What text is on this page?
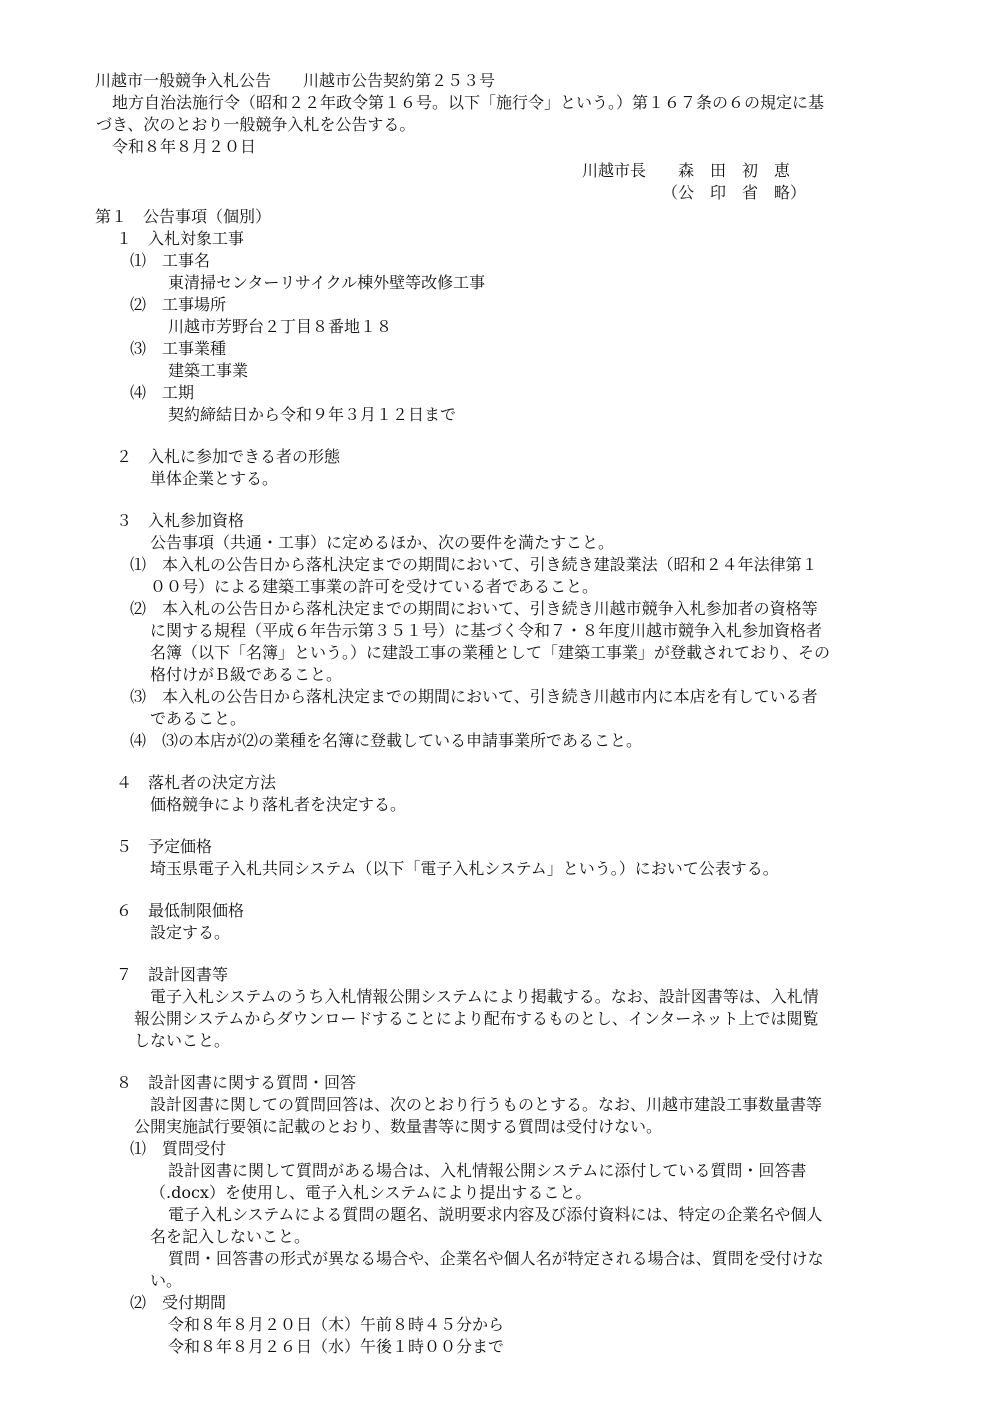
川越市一般競争入札公告　　川越市公告契約第２５３号
地方自治法施行令（昭和２２年政令第１６号。以下「施行令」という。）第１６７条の６の規定に基
づき、次のとおり一般競争入札を公告する。
令和８年８月２０日
川越市長　　森　田　初　恵
（公　印　省　略）
第１　公告事項（個別）
１　入札対象工事
⑴　工事名
東清掃センターリサイクル棟外壁等改修工事
⑵　工事場所
川越市芳野台２丁目８番地１８
⑶　工事業種
建築工事業
⑷　工期
契約締結日から令和９年３月１２日まで
２　入札に参加できる者の形態
単体企業とする。
３　入札参加資格
公告事項（共通・工事）に定めるほか、次の要件を満たすこと。
⑴　本入札の公告日から落札決定までの期間において、引き続き建設業法（昭和２４年法律第１
００号）による建築工事業の許可を受けている者であること。
⑵　本入札の公告日から落札決定までの期間において、引き続き川越市競争入札参加者の資格等
に関する規程（平成６年告示第３５１号）に基づく令和７・８年度川越市競争入札参加資格者
名簿（以下「名簿」という。）に建設工事の業種として「建築工事業」が登載されており、その
格付けがＢ級であること。
⑶　本入札の公告日から落札決定までの期間において、引き続き川越市内に本店を有している者
であること。
⑷　⑶の本店が⑵の業種を名簿に登載している申請事業所であること。
４　落札者の決定方法
価格競争により落札者を決定する。
５　予定価格
埼玉県電子入札共同システム（以下「電子入札システム」という。）において公表する。
６　最低制限価格
設定する。
７　設計図書等
電子入札システムのうち入札情報公開システムにより掲載する。なお、設計図書等は、入札情
報公開システムからダウンロードすることにより配布するものとし、インターネット上では閲覧
しないこと。
８　設計図書に関する質問・回答
設計図書に関しての質問回答は、次のとおり行うものとする。なお、川越市建設工事数量書等
公開実施試行要領に記載のとおり、数量書等に関する質問は受付けない。
⑴　質問受付
設計図書に関して質問がある場合は、入札情報公開システムに添付している質問・回答書
（.docx）を使用し、電子入札システムにより提出すること。
電子入札システムによる質問の題名、説明要求内容及び添付資料には、特定の企業名や個人
名を記入しないこと。
質問・回答書の形式が異なる場合や、企業名や個人名が特定される場合は、質問を受付けな
い。
⑵　受付期間
令和８年８月２０日（木）午前８時４５分から
令和８年８月２６日（水）午後１時００分まで
